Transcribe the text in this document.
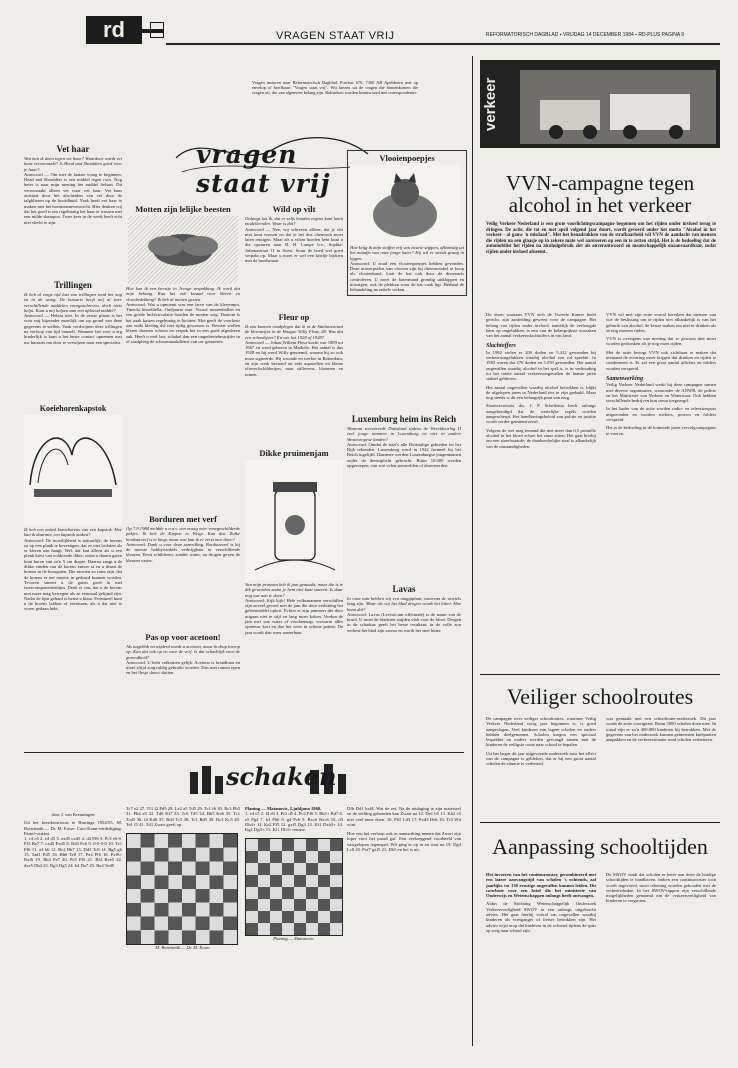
rd	VRAGEN STAAT VRIJ	REFORMATORISCH DAGBLAD ▪ VRIJDAG 14 DECEMBER 1984 ▪ RD-PLUS PAGINA 9
Vragen insturen naar Reformatorisch Dagblad, Postbus 670, 7300 AR Apeldoorn met op envelop of briefkaart "Vragen staat vrij". Wij kiezen uit de vragen die binnenkomen die vragen uit, die van algemeen belang zijn. Rubrieken worden beantwoord met correspondentie.
vragen staat vrij
Vet haar
Wat kan ik doen tegen vet haar? Waardoor wordt vet haar veroorzaakt? Is Head and Shoulders goed voor je haar?
Antwoord — Om met de laatste vraag te beginnen: Head and Shoulders is een middel tegen roos. Nog beter is naar mijn mening het middel Selsun. Dit veroorzaakt alleen vet waar vet haar. Vet haar ontstaat door het afscheiden van vet door de talgklieren op de hoofdhuid. Vaak heeft vet haar te maken met het hormonenevenwicht. Hier denken wij dat het goed is om regelmatig het haar te wassen met een milde shampoo. Twee keer in de week heeft echt niet slecht te zijn.
Trillingen
Ik heb al enige tijd last van trillingen rond het oog en in de wang. De huisarts heeft mij al twee verschillende middelen voorgeschreven, doch niets helpt. Kunt u mij helpen aan een afdoend middel?
Antwoord — Helaas niet. In de eerste plaats is het voor mij bijzonder moeilijk om op grond van deze gegevens te stellen. Vaak verdwijnen deze trillingen na verloop van tijd vanzelf. Wanneer het voor u erg hinderlijk is kunt u het beste contact opnemen met uw huisarts om door te verwijzen naar een specialist.
Koeiehorenkapstok
Ik heb een antiek koeiehorens van een kapstok. Hoe kan ik daarmee een kapstok maken?
Antwoord: De moeilijkheid is natuurlijk, de horens zo op een plank te bevestigen, dat ze niet loslaten als er kleren aan hangt. Wel, dat kan alleen als u een plank kiest van voldoende dikte, zodat u daarin gaten kunt boren van zo'n 5 cm diepte. Daarna zaagt u de dikke einden van de horens zuiver af en u draait de horens in de boorgaten. Die moeten zo ruim zijn, dat de horens er net moeite in geduwd kunnen worden. Tevoren smeert u de gaten goed in met tweecomponentenlijm. Denk er om, dat u de horens niet meer mag bewegen als ze eenmaal gelijmd zijn. Nadat de lijm gehard is beitst u klaar. Eventueel kunt u de horens lakken of vernissen, als u dat niet te voren gedaan hebt.
Motten zijn lelijke beesten
Hoe kan ik een beestje in Jevoge verpakking. Ik word dat mijn behang. Kan het ook kwaad voor kleren en vloerbedekking? Ik heb al motten gezien.
Antwoord: Wat u opnoemt was een larve van de klerenmot. Tineola bisselliella. Oudjaarse mot. Vooral mottenballen en een goede luchtcirculatie houden de motten weg. Daarom is het zaak kasten regelmatig te luchten. Mot geeft de voorkeur aan vuile kleding die niet tijdig gewassen is. Bewaar wollen kleren daarom schoon en verpak het in een goed afgesloten zak. Heeft u veel last, schakel dan een ongediertebestrijder in of raadpleeg de schoonmaakdienst van uw gemeente.
Borduren met verf
Op 7.9.1984 meldde u n.a.v. een vraag over voorgeschilderde pakjes. Ik heb de Kippen in Weigt. Kan dat. Zulke borduurverf is te koop, maar wat kan ik er eerst mee doen?
Antwoord: Dank u voor deze aanvulling. Borduurverf is bij de meeste hobbywinkels verkrijgbaar in verschillende kleuren. Eerst schilderen, zonder water, na drogen geven de kleuren vaster.
Pas op voor acetoon!
Als nagellak verwijderd wordt u acetoon, maar ik drup hierop op. Kan dat ook op en voor de verf. Is dat schadelijk voor de gezondheid?
Antwoord: U hebt volkomen gelijk. Acetoon is brandbaar en moet altijd zorgvuldig gebruikt worden. Dus met ramen open en het flesje direct sluiten.
Wild op vilt
Onlangs las ik, dat er zelfs honden ergens kunt laten modelleerden. Waar is dat?
Antwoord — Nee, wij schreven alleen, dat je vilt niet kunt wassen en dat je het dus chemisch moet laten reinigen. Maar als u vilten hoeden hebt kunt u die opsturen naar B. H. Lampe b.v., Sophia-Julianastraat 11 in Soest. Stuur de hoed wel goed verpakt op. Maar u moet er wel een briefje bijdoen met de hoedsmaat.
Fleur op
Ik zou kunnen raadplegen dat ik in de Stationsstraat de bloemetjes in de Haagse Willy Fleur, 28. Was dat een schoolsfeer? En wie het 1928 of 1928?
Antwoord — Johan Willem Fleur kocht van 1889 tot 1967 en werd geboren in Markelo. Het aantal is dus 1928 en hij werd Willy genoemd, waarna hij zo ook maar signeerde. Hij woonde en werkte in Rotterdam, en zijn werk bestond uit vele aquarellen en kleine olieverfschilderijen, naar stillevens, bloemen en tuinen.
Dikke pruimenjam
Van mijn pruimen heb ik jam gemaakt, maar die is te dik geworden zodat je hem niet kunt smeren. Is daar nog wat aan te doen?
Antwoord: Kijk kijk! Hele volksmannen verschillen zijn zoveel gevoel met de jam die door verhitting het geleermiddel oplost. Echter er zijn jammers die door uitgaan niet te stijf en lang moet koken. Verdun de jam met wat water of vruchtensap, verwarm alles opnieuw kort en doe het weer in schone potten. De jam wordt dan weer smeerbaar.
Vlooienpoepjes
Hoe krijg ik mijn stoffen vrij van zwarte stippen, afkomstig uit het mandje van onze jonge kater? Hij wil er steeds graag in liggen.
Antwoord: U zoud een vlooienpoepjes hebben gevonden. Deze uitwerpselen van vlooien zijn bij dierenwinkel te koop als vlooienband. Laat de kat ook door de dierenarts controleren. U moet de katermand grondig uitkloppen en uitzuigen, ook de plekken waar de kat vaak ligt. Herhaal de behandeling na enkele weken.
Luxemburg heim ins Reich
Waarom recruteerde Duitsland tijdens de Wereldoorlog II veel jonge mannen in Luxemburg en niet in andere Westeuropese landen?
Antwoord: Omdat de nazi's alle Duitstalige gebieden tot het Rijk rekenden. Luxemburg werd in 1942 formeel bij het Reich ingelijfd. Daarmee werden Luxemburgse jongemannen onder de dienstplicht gebracht. Ruim 10.000 werden opgeroepen, van wie velen sneuvelden of deserteerden.
Lavas
In onze tuin hebben wij een maggiplant, waarvan de wortels lang zijn. Maar als wij het blad drogen wordt het bitter. Hoe komt dat?
Antwoord: Lavas (Levisticum officinale) is de naam van de kruid. U moet de bladeren snijden vlak voor de bloei. Drogen in de schaduw geeft het beste resultaat; in de volle zon verliest het blad zijn aroma en wordt het snel bitter.
schaken
door J. van Kreuningen
Uit het kerstkwartoost te Hastings 1954/55. M. Botwinnik — Dr. M. Euwe. Caro-Kann-verdediging: Panof-variant.
1. c4 c6 2. e4 d5 3. exd5 cxd5 4. d4 Pf6 5. Pc3 e6 6. Pf3 Be7 7. cxd5 Pxd5 8. Bd3 Pc6 9. 0-0 0-0 10. Te1 Pf6 11. a3 b6 12. Bc2 Bb7 13. Dd3 Tc8 14. Bg5 g6 15. Tad1 Pd5 16. Bh6 Te8 17. Pe4 Pf6 18. Pxf6+ Bxf6 19. Bb3 Pe7 20. Pe5 Pf5 21. Bf4 Bxe5 22. dxe5 Dh4 23. Bg3 Dg5 24. h4 De7 25. Ba4 Ted8
Tc7 e2 27. Tf1 f2 Pd5 28. Le2 a5 Td5 29. Tc1 f6 30. Bc3 Pb5 31. Pb4 e5 32. Td6 Kf7 33. Tc6 Td5 34. Bb5 Ke6 35. Tc1 Tcd5 36. f4 Kd6 37. Bd3 Tc5 38. Tc1 Bd5 39. Bc3 Kc5 40. Te1 f5 41. Td1 Zwart geeft op.
M. Botwinnik — Dr. M. Euwe.
Planing — Matanovic, Ljubljana 1960.
1. e4 c5 2. f4 e6 3. Pf3 d5 4. Pc3 Pf6 5. Bb5+ Bd7 6. e5 Pg4 7. h3 Ph6 8. g4 Pc6 9. Bxc6 Bxc6 10. d3 Dh4+ 11. Ke2 Pf5 12. gxf5 Dg3 13. Kf1 Dxh3+ 14. Kg1 Dg3+ 15. Kf1 Dh3+ remise.
Planing — Matanovic.
Dfb Dd1 hxf4. Wat de zet. Na de uitdaging te zijn materieel en de stelling gebonden kan Zwart na 12. De1 b5 13. Kh2 e5 niet veel meer doen. 16. Ph5 Ld3 17. Pxd3 De6 18. Tf3 Wit wint.
Hoe zou het verloop ook in aanmerking nemen dat Zwart zijn loper voor het paard gaf. Een veelzeggend voorbeeld van vastgelopen tegenspel. Wit ging er op in en won na 19. Dg4 Lc8 20. Pxf7 gxf5 21. Dh5 en het is uit.
verkeer
VVN-campagne tegen alcohol in het verkeer
Veilig Verkeer Nederland is een grote voorlichtingscampagne begonnen om het rijden onder invloed terug te dringen. De actie, die tot en met april volgend jaar duurt, wordt gevoerd onder het motto "Alcohol in het verkeer - al gauw 'n misdaad". Met het benadrukken van de strafbaarheid wil VVN de aandacht van mensen die rijden na een glaasje op in zekere mate wel aanvoeren op een in te zetten strijd. Het is de bedoeling dat de automobilist het rijden na alcoholgebruik ziet als onverantwoord en maatschappelijk onaanvaardbaar, zodat rijden onder invloed afneemt.
De eisen waaraan VVN zich de Tweede Kamer heeft gericht, zijn aanleiding geweest voor de campagne. Het belang van rijden onder invloed, namelijk de verhoogde kans op ongelukken, is een van de belangrijkste oorzaken van het aantal verkeersslachtoffers in ons land.
Slachtoffers
In 1982 vielen er 200 doden en 5.412 gewonden bij verkeersongelukken waarbij alcohol een rol speelde. In 1983 waren dat 276 doden en 5.550 gewonden. Het aantal ongevallen waarbij alcohol in het spel is, is in verhouding tot het totale aantal verkeersongevallen de laatste jaren stabiel gebleven.
Het aantal ongevallen waarbij alcohol betrokken is, blijkt de afgelopen jaren in Nederland iets te zijn gedaald. Maar nog steeds is dit een belangrijk punt van zorg.
Staatssecretaris drs. J. P. Scheltema heeft onlangs aangekondigd dat de wettelijke regels worden aangescherpt. Het handhavingsbeleid van politie en justitie wordt verder geïntensiveerd.
Volgens de wet mag iemand die niet meer dan 0,5 promille alcohol in het bloed achter het stuur zitten. Het gaat hierbij om een streefwaarde; de daadwerkelijke straf is afhankelijk van de omstandigheden.
VVN wil met zijn actie vooral bereiken dat mensen van wie de beslissing om te rijden niet afhankelijk is van het gebruik van alcohol, de keuze maken om niet te drinken als ze nog moeten rijden.
VVN is overigens van mening dat er gewoon niet moet worden gedronken als je nog moet rijden.
Met de actie beoogt VVN ook zichtbaar te maken dat niemand de ervaring moet krijgen dat drinken en rijden te combineren is. Er zal een groot aantal affiches en folders worden verspreid.
Samenwerking
Veilig Verkeer Nederland werkt bij deze campagne samen met diverse organisaties, waaronder de ANWB, de politie en het Ministerie van Verkeer en Waterstaat. Ook hebben verschillende bedrijven hun steun toegezegd.
In het kader van de actie worden radio- en televisiespots uitgezonden en worden stickers, posters en folders verspreid.
Het is de bedoeling in de komende jaren vervolgcampagnes te voeren.
Veiliger schoolroutes
De campagne over veiliger schoolroutes, waarmee Veilig Verkeer Nederland vorig jaar begonnen is, is goed aangeslagen. Veel kinderen van lagere scholen en ouders hebben deelgenomen. Scholen kregen een speciaal lespakket en ouders werden gevraagd samen met de kinderen de veiligste route naar school te bepalen.
Uit het begin dit jaar uitgevoerde onderzoek naar het effect van de campagne is gebleken, dat er bij een groot aantal scholen de situatie is verbeterd.
was gemaakt met een schoolroute-onderzoek. Dit jaar wordt de actie voortgezet. Ruim 5000 scholen doen mee. In totaal zijn er zo'n 400.000 kinderen bij betrokken. Met de gegevens van het onderzoek kunnen gemeenten knelpunten aanpakken en de verkeerssituatie rond scholen verbeteren.
Aanpassing schooltijden
Het invoeren van het continurooster, gecombineerd met een latere aanvangstijd van scholen 's ochtends, zal jaarlijks tot 130 ernstige ongevallen kunnen leiden. Dit conclusie voor een brief die het ministerie van Onderwijs en Wetenschappen onlangs heeft ontvangen.
Aldus de Stichting Wetenschappelijk Onderzoek Verkeersveiligheid SWOV in een onlangs uitgebracht advies. Het gaat hierbij vooral om ongevallen waarbij kinderen als voetganger of fietser betrokken zijn. Het advies wijst erop dat kinderen in de ochtend tijdens de spits op weg naar school zijn.
De SWOV vindt dat scholen er beter aan doen de huidige schooltijden te handhaven. Indien een continurooster toch wordt ingevoerd, moet rekening worden gehouden met de verkeersdrukte. In het SWOV-rapport zijn verschillende mogelijkheden genoemd om de verkeersveiligheid van kinderen te vergroten.
